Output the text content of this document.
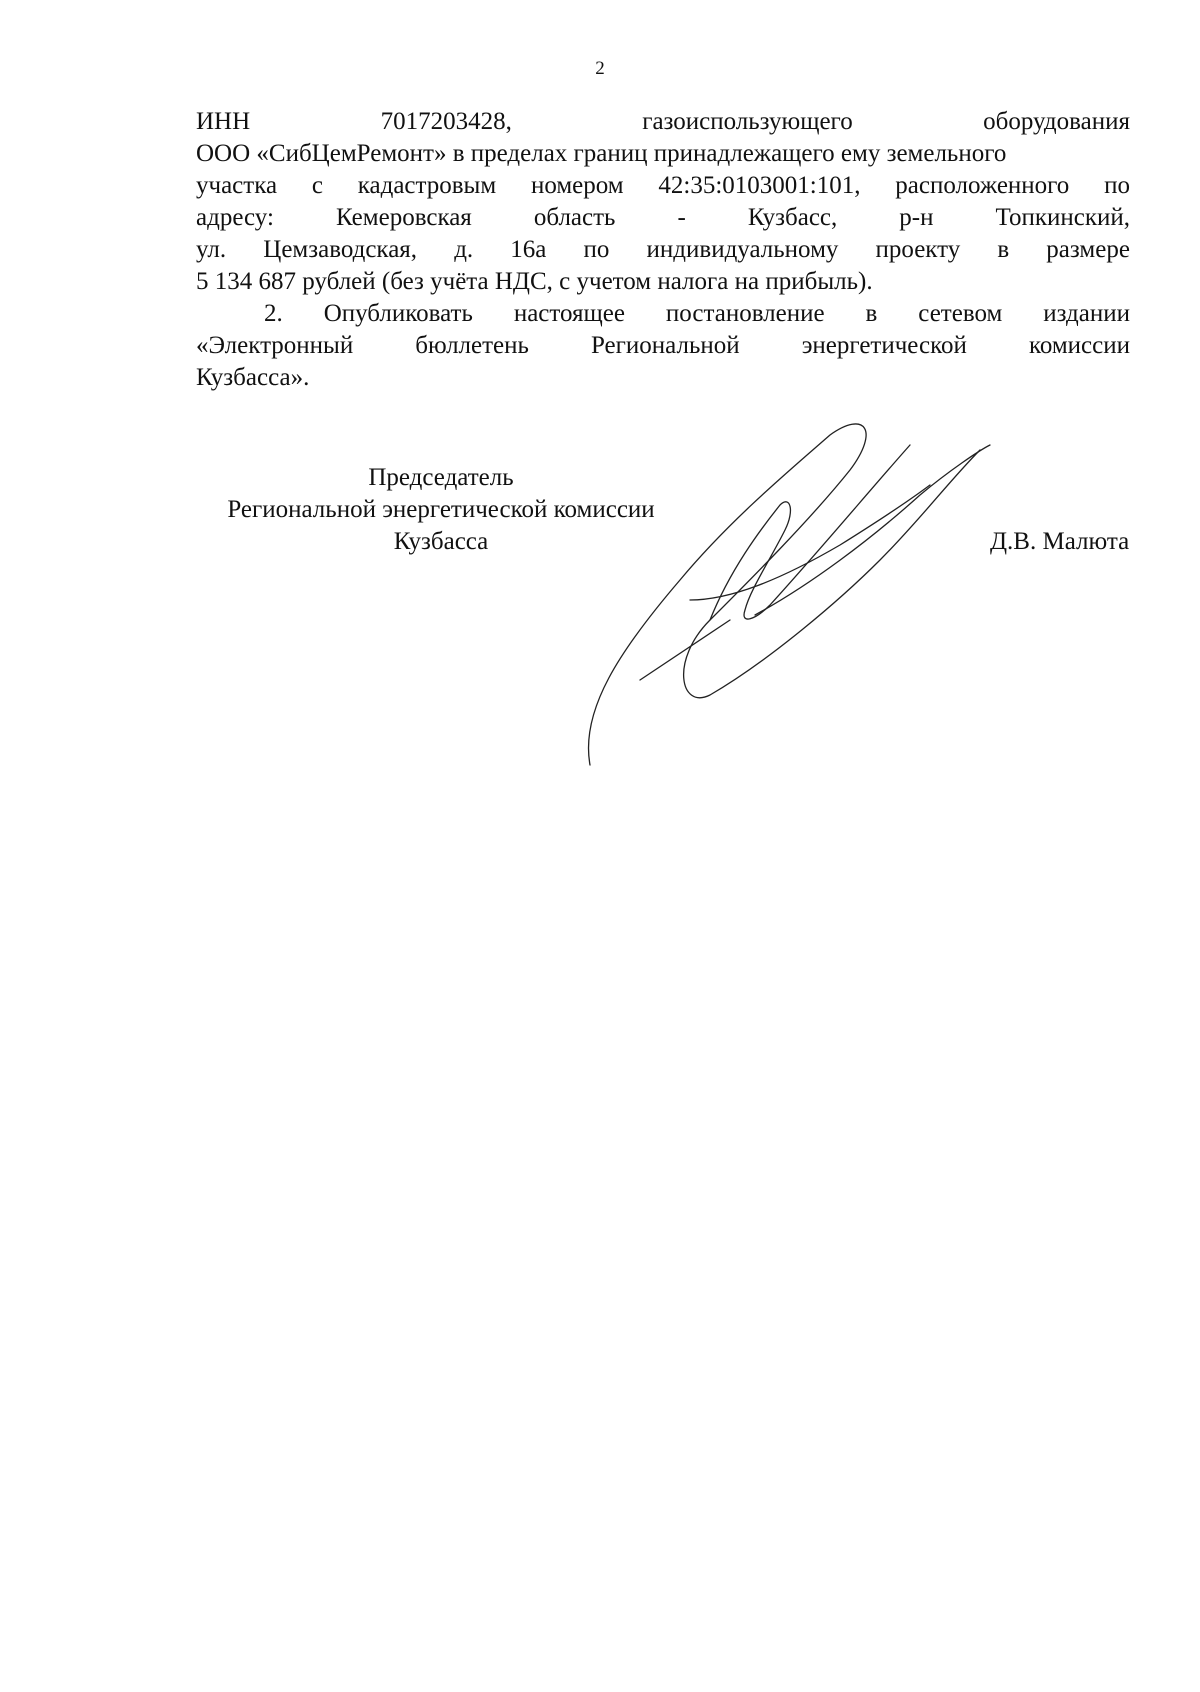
2
ИНН	7017203428,	газоиспользующего	оборудования
ООО «СибЦемРемонт» в пределах границ принадлежащего ему земельного
участка с кадастровым номером 42:35:0103001:101, расположенного по
адресу: Кемеровская область - Кузбасс, р-н Топкинский,
ул. Цемзаводская, д. 16а по индивидуальному проекту в размере
5 134 687 рублей (без учёта НДС, с учетом налога на прибыль).
2. Опубликовать настоящее постановление в сетевом издании
«Электронный бюллетень Региональной энергетической комиссии
Кузбасса».
Председатель
Региональной энергетической комиссии
Кузбасса	Д.В. Малюта
